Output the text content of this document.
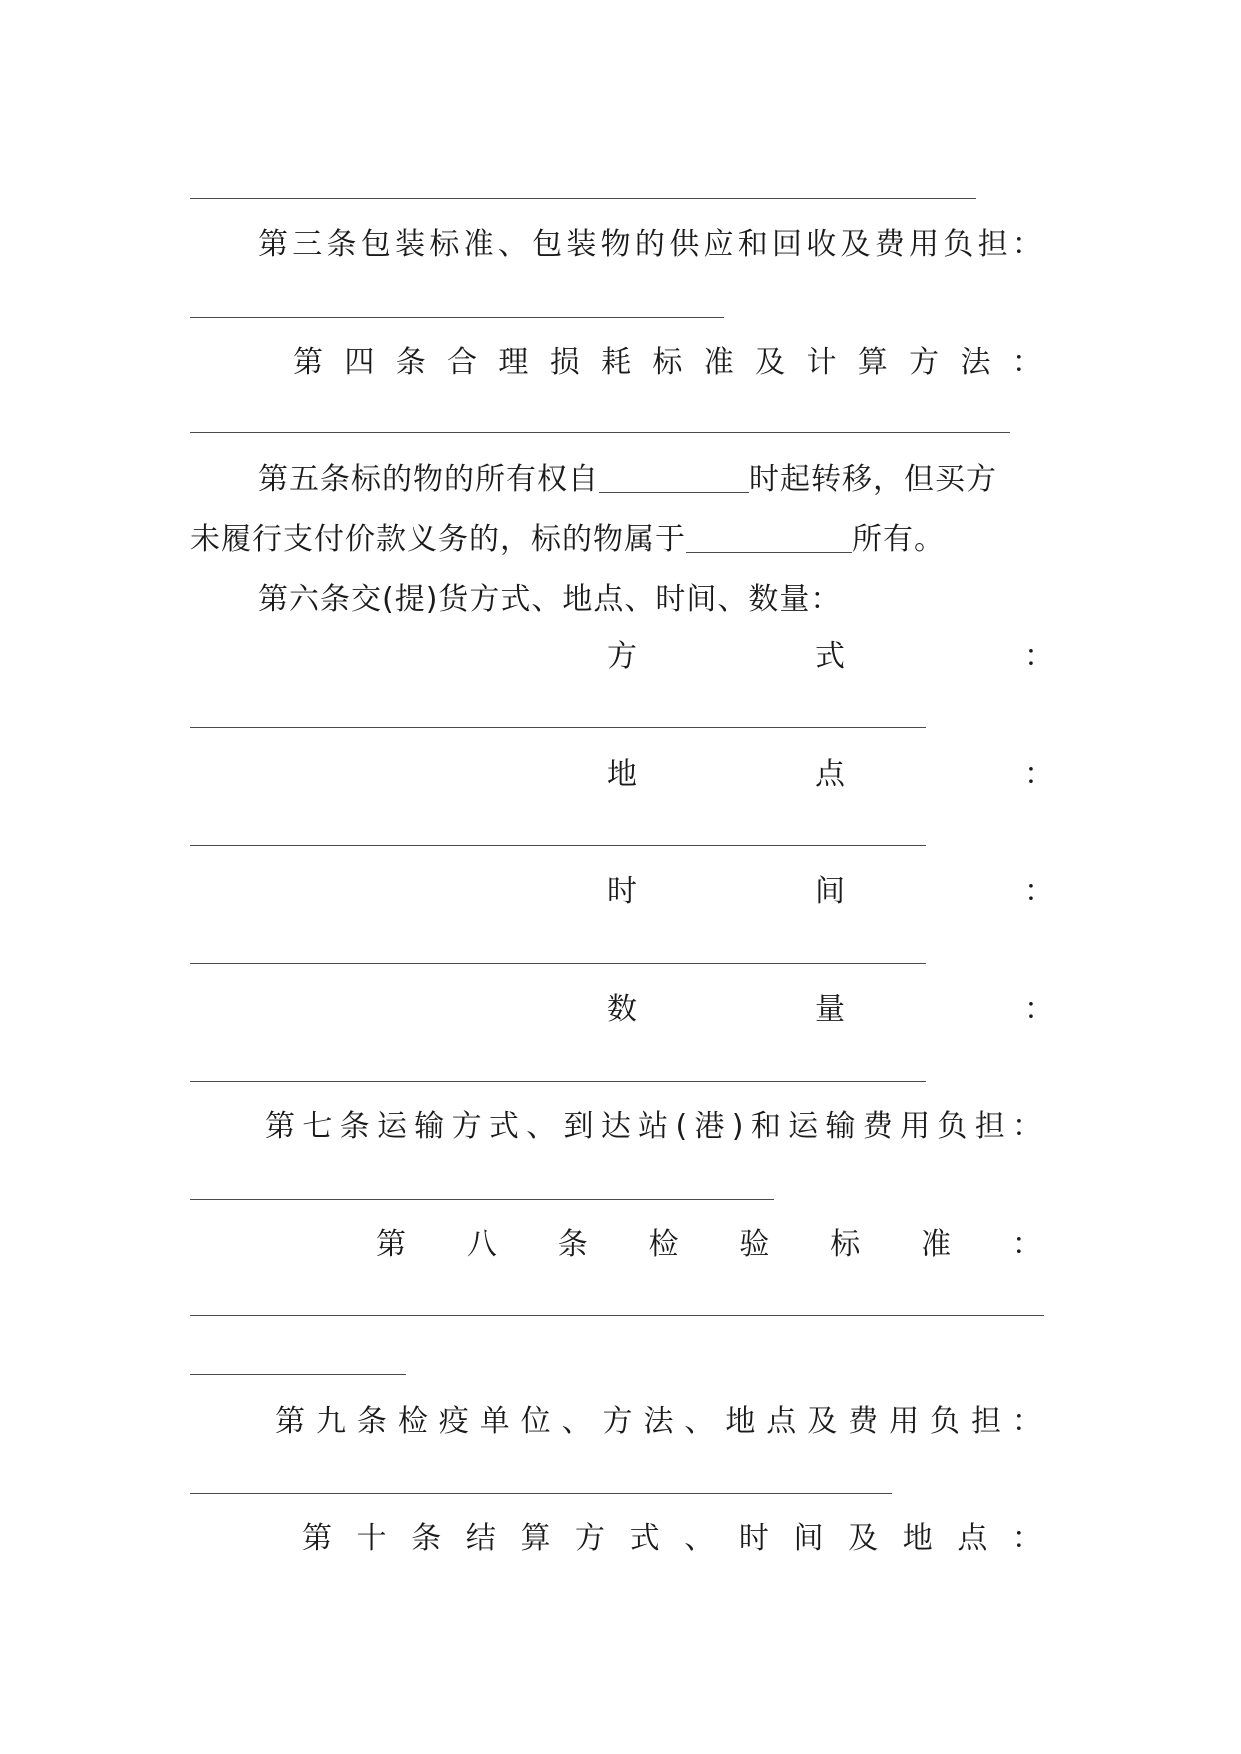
第 三 条 包 装 标 准 、 包 装 物 的 供 应 和 回 收 及 费 用 负 担 ：
第 四 条 合 理 损 耗 标 准 及 计 算 方 法 ：
第五条标的物的所有权自	时起转移，但买方
未履行支付价款义务的，标的物属于	所有。
第六条交(提)货方式、地点、时间、数量：
方	式	：
地	点	：
时	间	：
数	量	：
第 七 条 运 输 方 式 、 到 达 站 ( 港 ) 和 运 输 费 用 负 担 ：
第 八 条 检 验 标 准 ：
第 九 条 检 疫 单 位 、 方 法 、 地 点 及 费 用 负 担 ：
第 十 条 结 算 方 式 、 时 间 及 地 点 ：
